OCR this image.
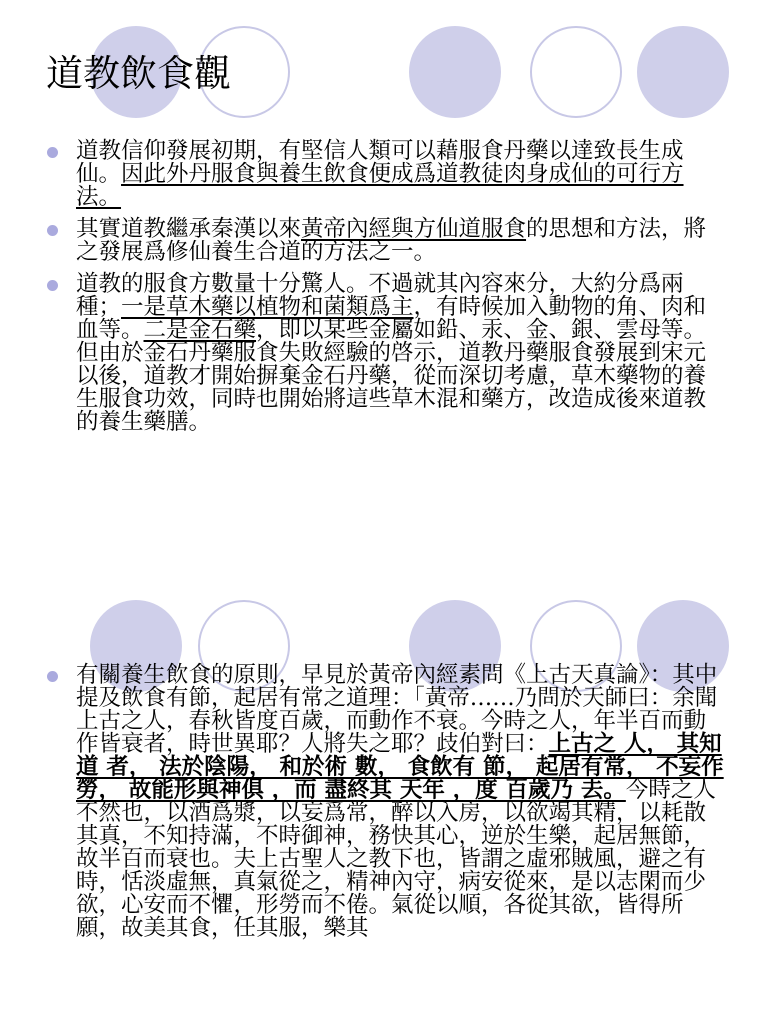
道教飲食觀
道教信仰發展初期，有堅信人類可以藉服食丹藥以達致長生成仙。因此外丹服食與養生飲食便成爲道教徒肉身成仙的可行方法。
其實道教繼承秦漢以來黃帝內經與方仙道服食的思想和方法，將之發展爲修仙養生合道的方法之一。
道教的服食方數量十分驚人。不過就其內容來分，大約分爲兩種；一是草木藥以植物和菌類爲主，有時候加入動物的角、肉和血等。二是金石藥，即以某些金屬如鉛、汞、金、銀、雲母等。但由於金石丹藥服食失敗經驗的啓示，道教丹藥服食發展到宋元以後，道教才開始摒棄金石丹藥，從而深切考慮，草木藥物的養生服食功效，同時也開始將這些草木混和藥方，改造成後來道教的養生藥膳。
有關養生飲食的原則，早見於黃帝內經素問《上古天真論》：其中提及飲食有節，起居有常之道理：「黃帝……乃問於天師曰：余聞上古之人，春秋皆度百歲，而動作不衰。今時之人，年半百而動作皆衰者，時世異耶？人將失之耶？歧伯對曰：上古之 人， 其知道 者， 法於陰陽， 和於術 數， 食飲有 節， 起居有常， 不妄作勞， 故能形與神俱 ，而 盡終其 天年 ，度 百歲乃 去。今時之人不然也，以酒爲漿，以妄爲常，醉以入房，以欲竭其精，以耗散其真，不知持滿，不時御神，務快其心，逆於生樂，起居無節，故半百而衰也。夫上古聖人之教下也，皆謂之虛邪賊風，避之有時，恬淡虛無，真氣從之，精神內守，病安從來，是以志閑而少欲，心安而不懼，形勞而不倦。氣從以順，各從其欲，皆得所願，故美其食，任其服，樂其
